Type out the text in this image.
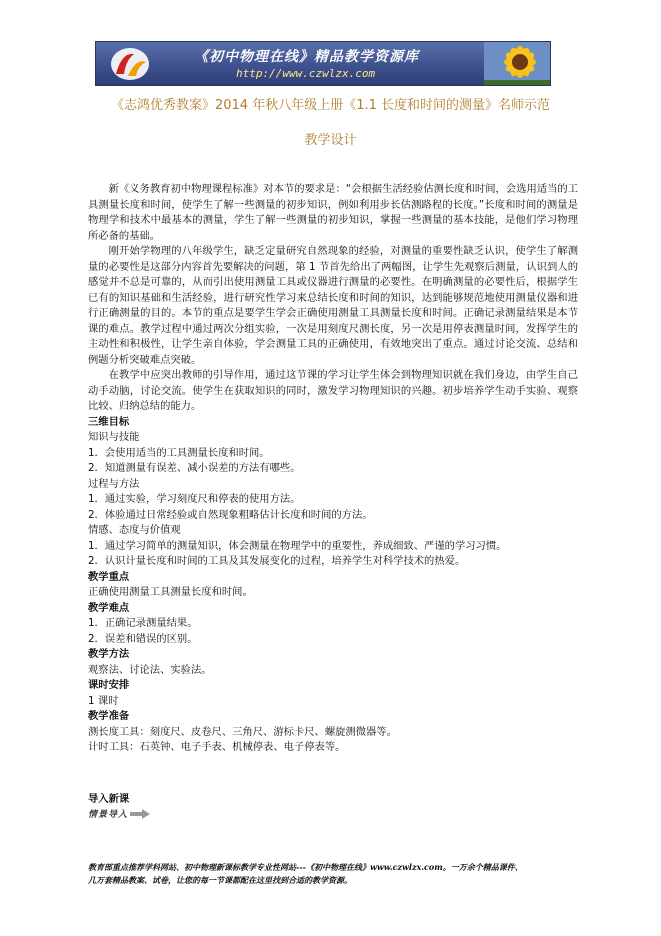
《初中物理在线》精品教学资源库
http://www.czwlzx.com
《志鸿优秀教案》2014 年秋八年级上册《1.1 长度和时间的测量》名师示范
教学设计

新《义务教育初中物理课程标准》对本节的要求是：“会根据生活经验估测长度和时间，会选用适当的工具测量长度和时间，使学生了解一些测量的初步知识，例如利用步长估测路程的长度。”长度和时间的测量是物理学和技术中最基本的测量，学生了解一些测量的初步知识，掌握一些测量的基本技能，是他们学习物理所必备的基础。

刚开始学物理的八年级学生，缺乏定量研究自然现象的经验，对测量的重要性缺乏认识，使学生了解测量的必要性是这部分内容首先要解决的问题，第 1 节首先给出了两幅图，让学生先观察后测量，认识到人的感觉并不总是可靠的，从而引出使用测量工具或仪器进行测量的必要性。在明确测量的必要性后，根据学生已有的知识基础和生活经验，进行研究性学习来总结长度和时间的知识，达到能够规范地使用测量仪器和进行正确测量的目的。本节的重点是要学生学会正确使用测量工具测量长度和时间。正确记录测量结果是本节课的难点。教学过程中通过两次分组实验，一次是用刻度尺测长度，另一次是用停表测量时间，发挥学生的主动性和积极性，让学生亲自体验，学会测量工具的正确使用，有效地突出了重点。通过讨论交流、总结和例题分析突破难点突破。

在教学中应突出教师的引导作用，通过这节课的学习让学生体会到物理知识就在我们身边，由学生自己动手动脑，讨论交流。使学生在获取知识的同时，激发学习物理知识的兴趣。初步培养学生动手实验、观察比较、归纳总结的能力。

三维目标
知识与技能
1．会使用适当的工具测量长度和时间。
2．知道测量有误差、减小误差的方法有哪些。
过程与方法
1．通过实验，学习刻度尺和停表的使用方法。
2．体验通过日常经验或自然现象粗略估计长度和时间的方法。
情感、态度与价值观
1．通过学习简单的测量知识，体会测量在物理学中的重要性，养成细致、严谨的学习习惯。
2．认识计量长度和时间的工具及其发展变化的过程，培养学生对科学技术的热爱。
教学重点
正确使用测量工具测量长度和时间。
教学难点
1．正确记录测量结果。
2．误差和错误的区别。
教学方法
观察法、讨论法、实验法。
课时安排
1 课时
教学准备
测长度工具：刻度尺、皮卷尺、三角尺、游标卡尺、螺旋测微器等。
计时工具：石英钟、电子手表、机械停表、电子停表等。
导入新课
情景导入
教育部重点推荐学科网站、初中物理新课标教学专业性网站---《初中物理在线》www.czwlzx.com。一万余个精品课件、
几万套精品教案、试卷，让您的每一节课都配在这里找到合适的教学资源。
